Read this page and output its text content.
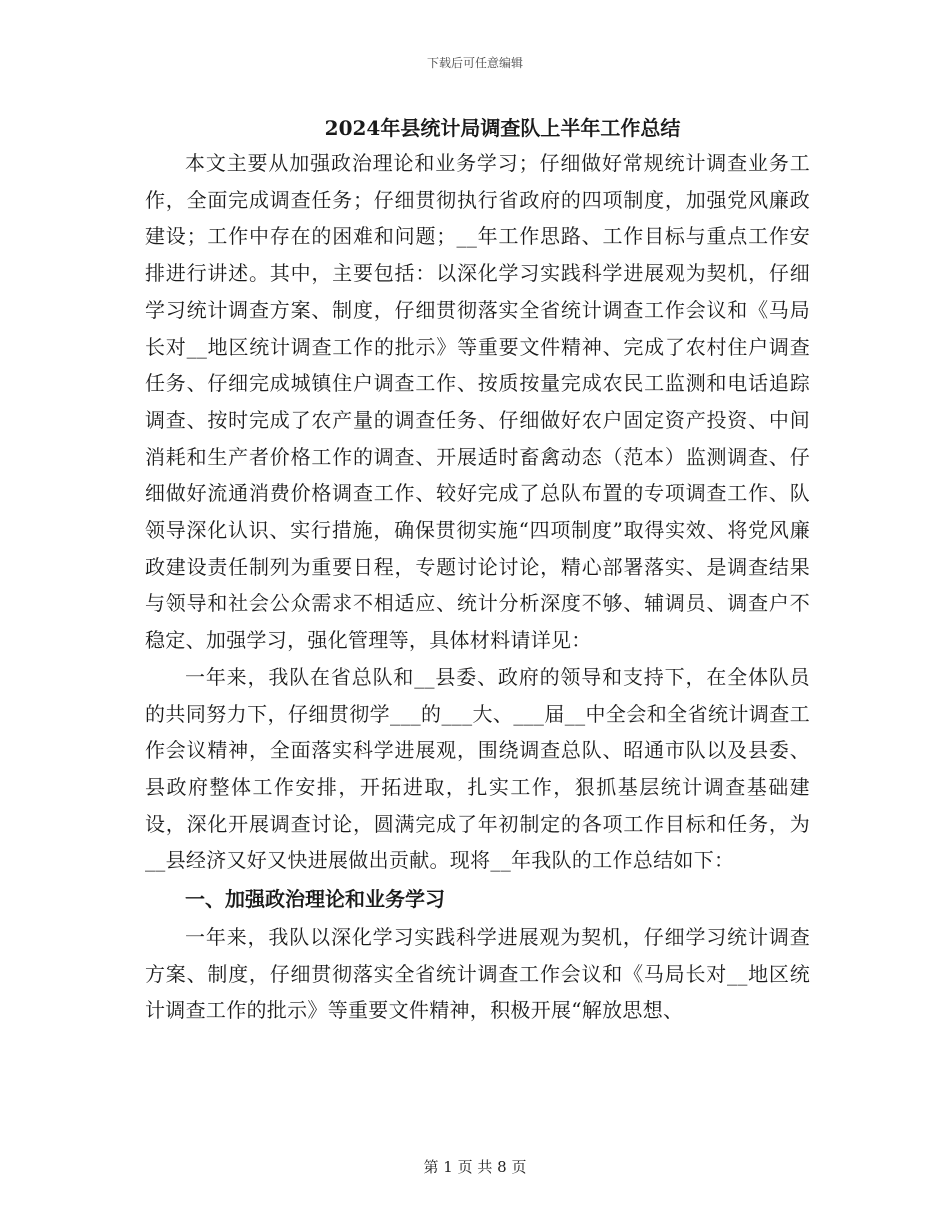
下载后可任意编辑
2024年县统计局调查队上半年工作总结

本文主要从加强政治理论和业务学习；仔细做好常规统计调查业务工作，全面完成调查任务；仔细贯彻执行省政府的四项制度，加强党风廉政建设；工作中存在的困难和问题；__年工作思路、工作目标与重点工作安排进行讲述。其中，主要包括：以深化学习实践科学进展观为契机，仔细学习统计调查方案、制度，仔细贯彻落实全省统计调查工作会议和《马局长对__地区统计调查工作的批示》等重要文件精神、完成了农村住户调查任务、仔细完成城镇住户调查工作、按质按量完成农民工监测和电话追踪调查、按时完成了农产量的调查任务、仔细做好农户固定资产投资、中间消耗和生产者价格工作的调查、开展适时畜禽动态（范本）监测调查、仔细做好流通消费价格调查工作、较好完成了总队布置的专项调查工作、队领导深化认识、实行措施，确保贯彻实施“四项制度”取得实效、将党风廉政建设责任制列为重要日程，专题讨论讨论，精心部署落实、是调查结果与领导和社会公众需求不相适应、统计分析深度不够、辅调员、调查户不稳定、加强学习，强化管理等，具体材料请详见：

一年来，我队在省总队和__县委、政府的领导和支持下，在全体队员的共同努力下，仔细贯彻学___的___大、___届__中全会和全省统计调查工作会议精神，全面落实科学进展观，围绕调查总队、昭通市队以及县委、县政府整体工作安排，开拓进取，扎实工作，狠抓基层统计调查基础建设，深化开展调查讨论，圆满完成了年初制定的各项工作目标和任务，为__县经济又好又快进展做出贡献。现将__年我队的工作总结如下：

一、加强政治理论和业务学习

一年来，我队以深化学习实践科学进展观为契机，仔细学习统计调查方案、制度，仔细贯彻落实全省统计调查工作会议和《马局长对__地区统计调查工作的批示》等重要文件精神，积极开展“解放思想、

第 1 页 共 8 页
